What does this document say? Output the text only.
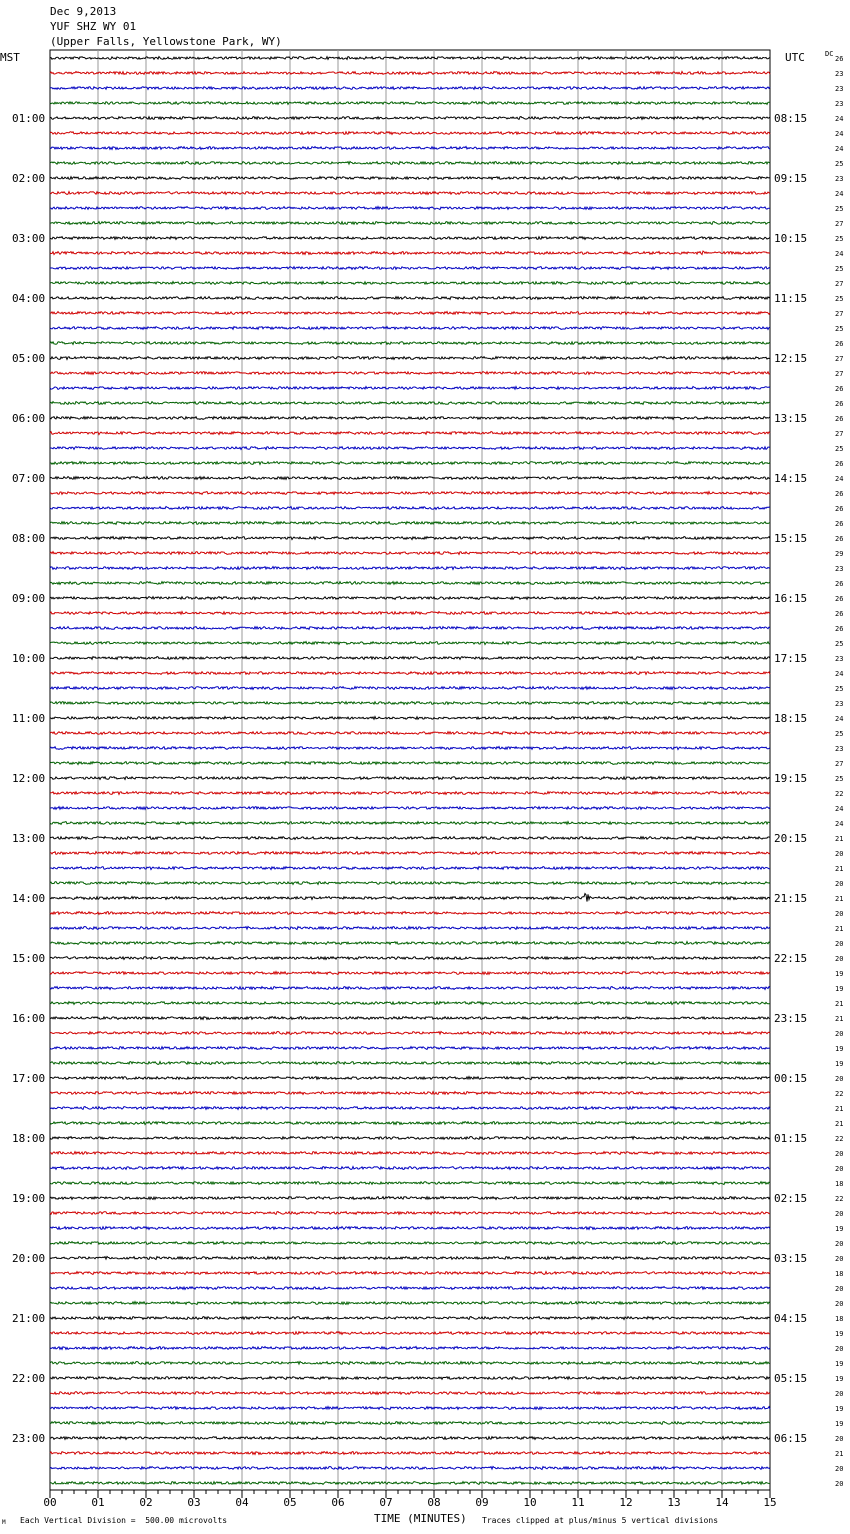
Dec 9,2013
YUF SHZ WY 01
(Upper Falls, Yellowstone Park, WY)
MST	UTC	DC
26
23
23
23
24
24
24
25
23
24
25
27
25
24
25
27
25
27
25
26
27
27
26
26
26
27
25
26
24
26
26
26
26
29
23
26
26
26
26
25
23
24
25
23
24
25
23
27
25
22
24
24
21
20
21
20
21
20
21
20
20
19
19
21
21
20
19
19
20
22
21
21
22
20
20
18
22
20
19
20
20
18
20
20
18
19
20
19
19
20
19
19
20
21
20
20
01:00
02:00
03:00
04:00
05:00
06:00
07:00
08:00
09:00
10:00
11:00
12:00
13:00
14:00
15:00
16:00
17:00
18:00
19:00
20:00
21:00
22:00
23:00
08:15
09:15
10:15
11:15
12:15
13:15
14:15
15:15
16:15
17:15
18:15
19:15
20:15
21:15
22:15
23:15
00:15
01:15
02:15
03:15
04:15
05:15
06:15
00	01	02	03	04	05	06	07	08	09	10	11	12	13	14	15
Each Vertical Division =  500.00 microvolts	TIME (MINUTES) Traces clipped at plus/minus 5 vertical divisions
M
